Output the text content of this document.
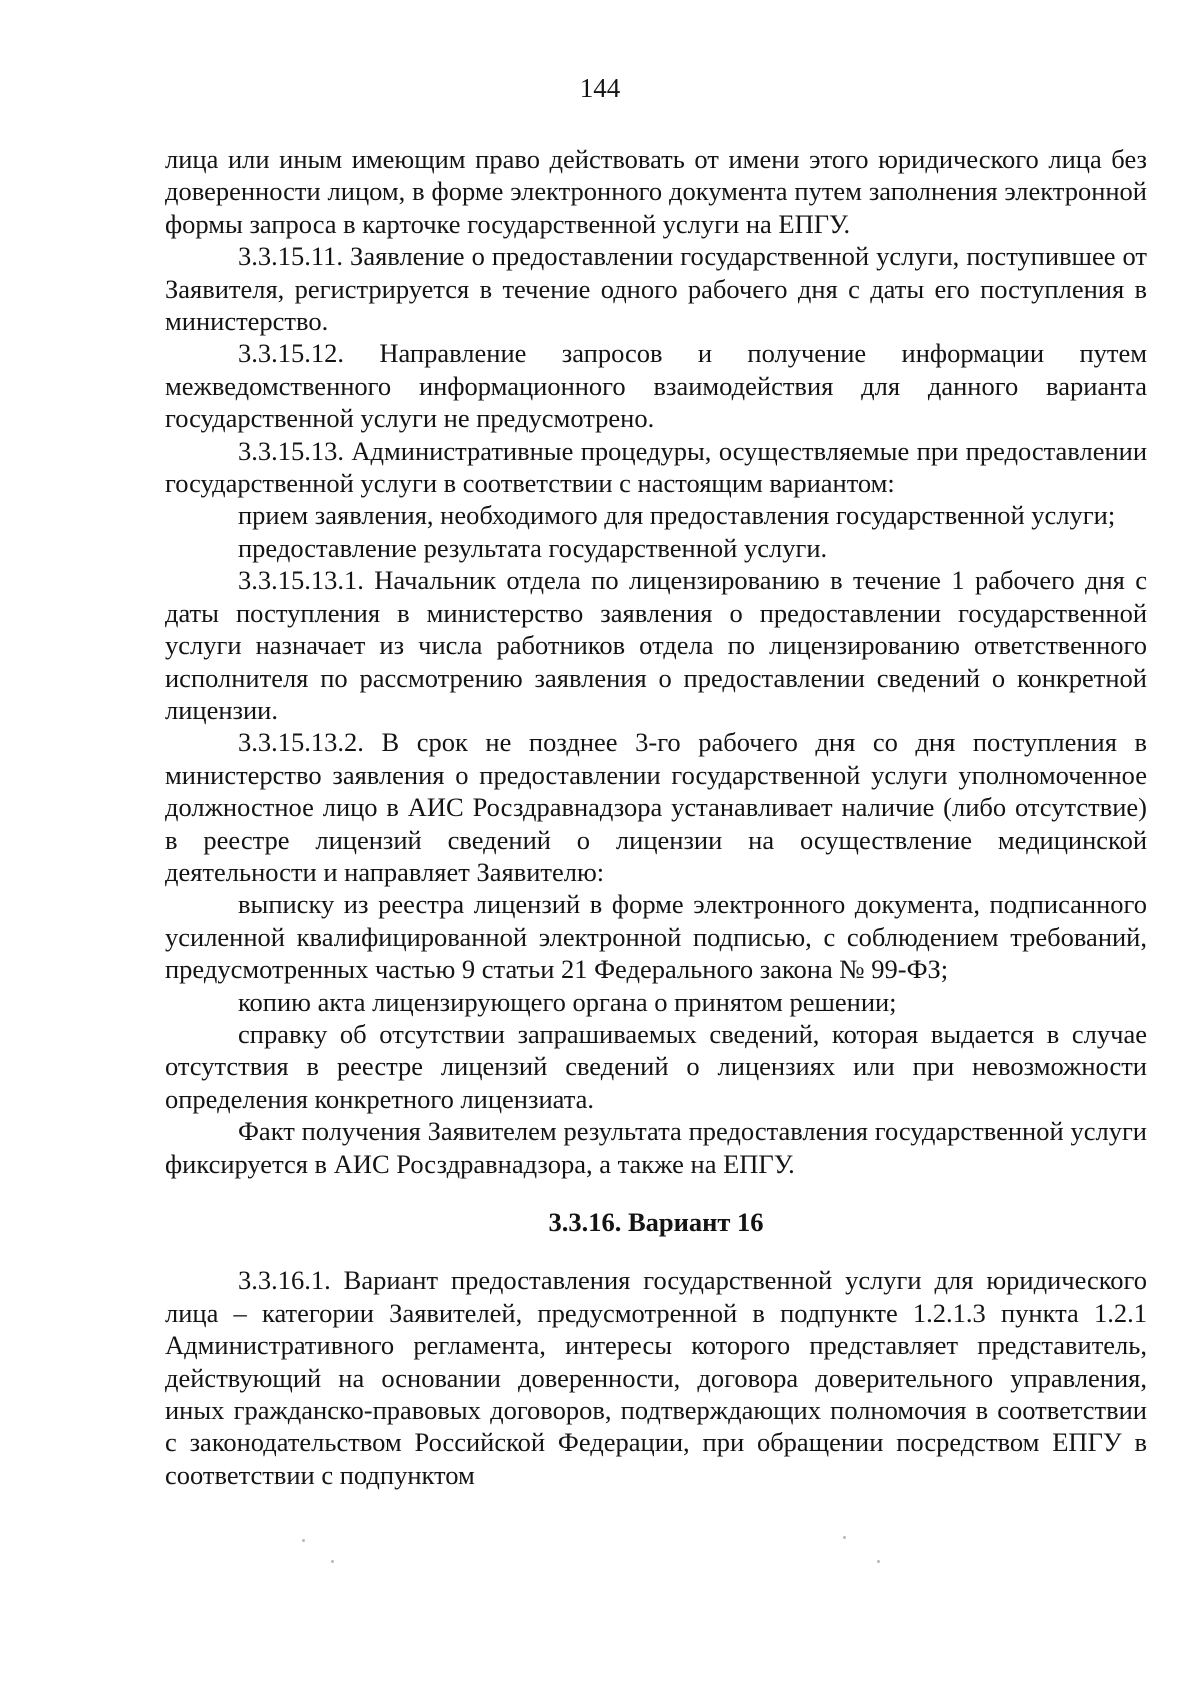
144

лица или иным имеющим право действовать от имени этого юридического лица без доверенности лицом, в форме электронного документа путем заполнения электронной формы запроса в карточке государственной услуги на ЕПГУ.

3.3.15.11. Заявление о предоставлении государственной услуги, поступившее от Заявителя, регистрируется в течение одного рабочего дня с даты его поступления в министерство.

3.3.15.12. Направление запросов и получение информации путем межведомственного информационного взаимодействия для данного варианта государственной услуги не предусмотрено.

3.3.15.13. Административные процедуры, осуществляемые при предоставлении государственной услуги в соответствии с настоящим вариантом:

прием заявления, необходимого для предоставления государственной услуги;

предоставление результата государственной услуги.

3.3.15.13.1. Начальник отдела по лицензированию в течение 1 рабочего дня с даты поступления в министерство заявления о предоставлении государственной услуги назначает из числа работников отдела по лицензированию ответственного исполнителя по рассмотрению заявления о предоставлении сведений о конкретной лицензии.

3.3.15.13.2. В срок не позднее 3-го рабочего дня со дня поступления в министерство заявления о предоставлении государственной услуги уполномоченное должностное лицо в АИС Росздравнадзора устанавливает наличие (либо отсутствие) в реестре лицензий сведений о лицензии на осуществление медицинской деятельности и направляет Заявителю:

выписку из реестра лицензий в форме электронного документа, подписанного усиленной квалифицированной электронной подписью, с соблюдением требований, предусмотренных частью 9 статьи 21 Федерального закона № 99-ФЗ;

копию акта лицензирующего органа о принятом решении;

справку об отсутствии запрашиваемых сведений, которая выдается в случае отсутствия в реестре лицензий сведений о лицензиях или при невозможности определения конкретного лицензиата.

Факт получения Заявителем результата предоставления государственной услуги фиксируется в АИС Росздравнадзора, а также на ЕПГУ.

3.3.16. Вариант 16

3.3.16.1. Вариант предоставления государственной услуги для юридического лица – категории Заявителей, предусмотренной в подпункте 1.2.1.3 пункта 1.2.1 Административного регламента, интересы которого представляет представитель, действующий на основании доверенности, договора доверительного управления, иных гражданско-правовых договоров, подтверждающих полномочия в соответствии с законодательством Российской Федерации, при обращении посредством ЕПГУ в соответствии с подпунктом
